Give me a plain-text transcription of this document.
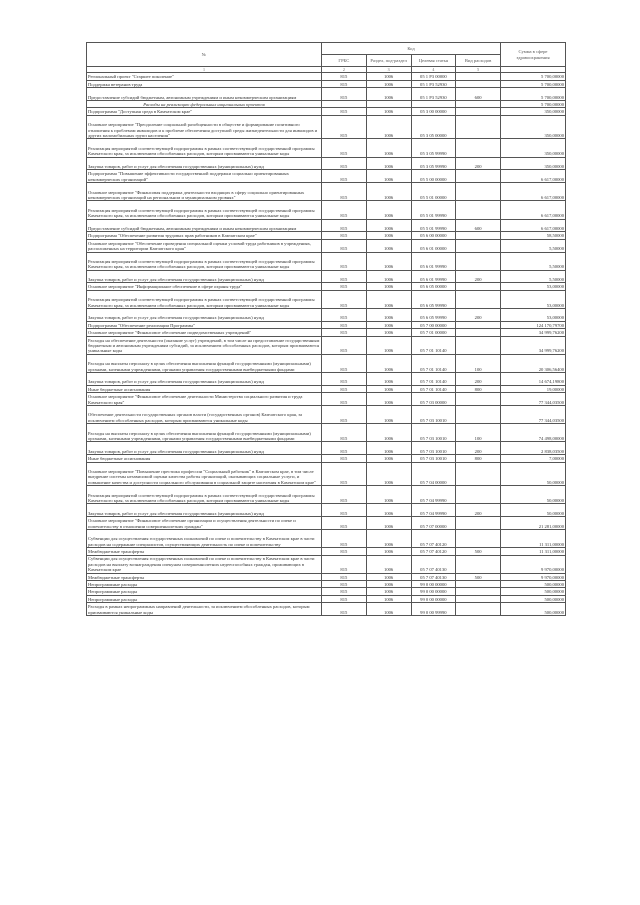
№	Код				Сумма в сфере здравоохранения
	ГРБС	Раздел, под-раздел	Целевая статья	Вид расходов	
1	2	3	4	5	
Региональный проект "Старшее поколение"	815	1006	05 1 P3 00000		5 700,00000
Поддержка ветеранов труда	815	1006	05 1 P3 52930		5 700,00000
Предоставление субсидий бюджетным, автономным учреждениям и иным некоммерческим организациям	815	1006	05 1 P3 52930	600	5 700,00000
Расходы на реализацию федеральных национальных проектов					5 700,00000
Подпрограмма "Доступная среда в Камчатском крае"	815	1006	05 3 00 00000		350,00000
Основное мероприятие "Преодоление социальной разобщенности в обществе и формирование позитивного отношения к проблемам инвалидов и к проблеме обеспечения доступной среды жизнедеятельности для инвалидов и других маломобильных групп населения"	815	1006	05 3 05 00000		350,00000
Реализация мероприятий соответствующей подпрограммы в рамках соответствующей государственной программы Камчатского края, за исключением обособленных расходов, которым присваиваются уникальные коды	815	1006	05 3 05 99990		350,00000
Закупка товаров, работ и услуг для обеспечения государственных (муниципальных) нужд	815	1006	05 3 05 99990	200	350,00000
Подпрограмма "Повышение эффективности государственной поддержки социально ориентированных некоммерческих организаций"	815	1006	05 5 00 00000		6 617,00000
Основное мероприятие "Финансовая поддержка деятельности входящих в сферу социально ориентированных некоммерческих организаций на региональном и муниципальном уровнях"	815	1006	05 5 01 00000		6 617,00000
Реализация мероприятий соответствующей подпрограммы в рамках соответствующей государственной программы Камчатского края, за исключением обособленных расходов, которым присваиваются уникальные коды	815	1006	05 5 01 99990		6 617,00000
Предоставление субсидий бюджетным, автономным учреждениям и иным некоммерческим организациям	815	1006	05 5 01 99990	600	6 617,00000
Подпрограмма "Обеспечение развития трудовых прав работников в Камчатском крае"	815	1006	05 6 00 00000		58,50000
Основное мероприятие "Обеспечение проведения специальной оценки условий труда работников в учреждениях, расположенных на территории Камчатского края"	815	1006	05 6 01 00000		5,50000
Реализация мероприятий соответствующей подпрограммы в рамках соответствующей государственной программы Камчатского края, за исключением обособленных расходов, которым присваиваются уникальные коды	815	1006	05 6 01 99990		5,50000
Закупка товаров, работ и услуг для обеспечения государственных (муниципальных) нужд	815	1006	05 6 01 99990	200	5,50000
Основное мероприятие "Информационное обеспечение в сфере охраны труда"	815	1006	05 6 05 00000		53,00000
Реализация мероприятий соответствующей подпрограммы в рамках соответствующей государственной программы Камчатского края, за исключением обособленных расходов, которым присваиваются уникальные коды	815	1006	05 6 05 99990		53,00000
Закупка товаров, работ и услуг для обеспечения государственных (муниципальных) нужд	815	1006	05 6 05 99990	200	53,00000
Подпрограмма "Обеспечение реализации Программы"	815	1006	05 7 00 00000		124 170,79700
Основное мероприятие "Финансовое обеспечение подведомственных учреждений"	815	1006	05 7 01 00000		34 999,76200
Расходы на обеспечение деятельности (оказание услуг) учреждений, в том числе на предоставление государственным бюджетным и автономным учреждениям субсидий, за исключением обособленных расходов, которым присваиваются уникальные коды	815	1006	05 7 01 10140		34 999,76200
Расходы на выплаты персоналу в целях обеспечения выполнения функций государственными (муниципальными) органами, казенными учреждениями, органами управления государственными внебюджетными фондами	815	1006	05 7 01 10140	100	20 306,56400
Закупка товаров, работ и услуг для обеспечения государственных (муниципальных) нужд	815	1006	05 7 01 10140	200	14 674,19800
Иные бюджетные ассигнования	815	1006	05 7 01 10140	800	19,00000
Основное мероприятие "Финансовое обеспечение деятельности Министерства социального развития и труда Камчатского края"	815	1006	05 7 03 00000		77 344,03500
Обеспечение деятельности государственных органов власти (государственных органов) Камчатского края, за исключением обособленных расходов, которым присваиваются уникальные коды	815	1006	05 7 03 10010		77 344,03500
Расходы на выплаты персоналу в целях обеспечения выполнения функций государственными (муниципальными) органами, казенными учреждениями, органами управления государственными внебюджетными фондами	815	1006	05 7 03 10010	100	74 498,00000
Закупка товаров, работ и услуг для обеспечения государственных (муниципальных) нужд	815	1006	05 7 03 10010	200	2 838,03500
Иные бюджетные ассигнования	815	1006	05 7 03 10010	800	7,00000
Основное мероприятие "Повышение престижа профессии "Социальный работник" в Камчатском крае, в том числе внедрение системы независимой оценки качества работы организаций, оказывающих социальные услуги, и повышение качества и доступности социального обслуживания в социальной защите населения в Камчатском крае"	815	1006	05 7 04 00000		50,00000
Реализация мероприятий соответствующей подпрограммы в рамках соответствующей государственной программы Камчатского края, за исключением обособленных расходов, которым присваиваются уникальные коды	815	1006	05 7 04 99990		50,00000
Закупка товаров, работ и услуг для обеспечения государственных (муниципальных) нужд	815	1006	05 7 04 99990	200	50,00000
Основное мероприятие "Финансовое обеспечение организации и осуществления деятельности по опеке и попечительству в отношении совершеннолетних граждан"	815	1006	05 7 07 00000		21 281,00000
Субвенции для осуществления государственных полномочий по опеке и попечительству в Камчатском крае в части расходов на содержание специалистов, осуществляющих деятельность по опеке и попечительству	815	1006	05 7 07 40120		11 311,00000
Межбюджетные трансферты	815	1006	05 7 07 40120	500	11 311,00000
Субвенции для осуществления государственных полномочий по опеке и попечительству в Камчатском крае в части расходов на выплату вознаграждения опекунам совершеннолетних недееспособных граждан, проживающих в Камчатском крае	815	1006	05 7 07 40130		9 970,00000
Межбюджетные трансферты	815	1006	05 7 07 40130	500	9 970,00000
Непрограммные расходы	815	1006	99 0 00 00000		500,00000
Непрограммные расходы	815	1006	99 0 00 00000		500,00000
Непрограммные расходы	815	1006	99 0 00 00000		500,00000
Расходы в рамках непрограммных направлений деятельности, за исключением обособленных расходов, которым присваиваются уникальные коды	815	1006	99 0 00 99990		500,00000
